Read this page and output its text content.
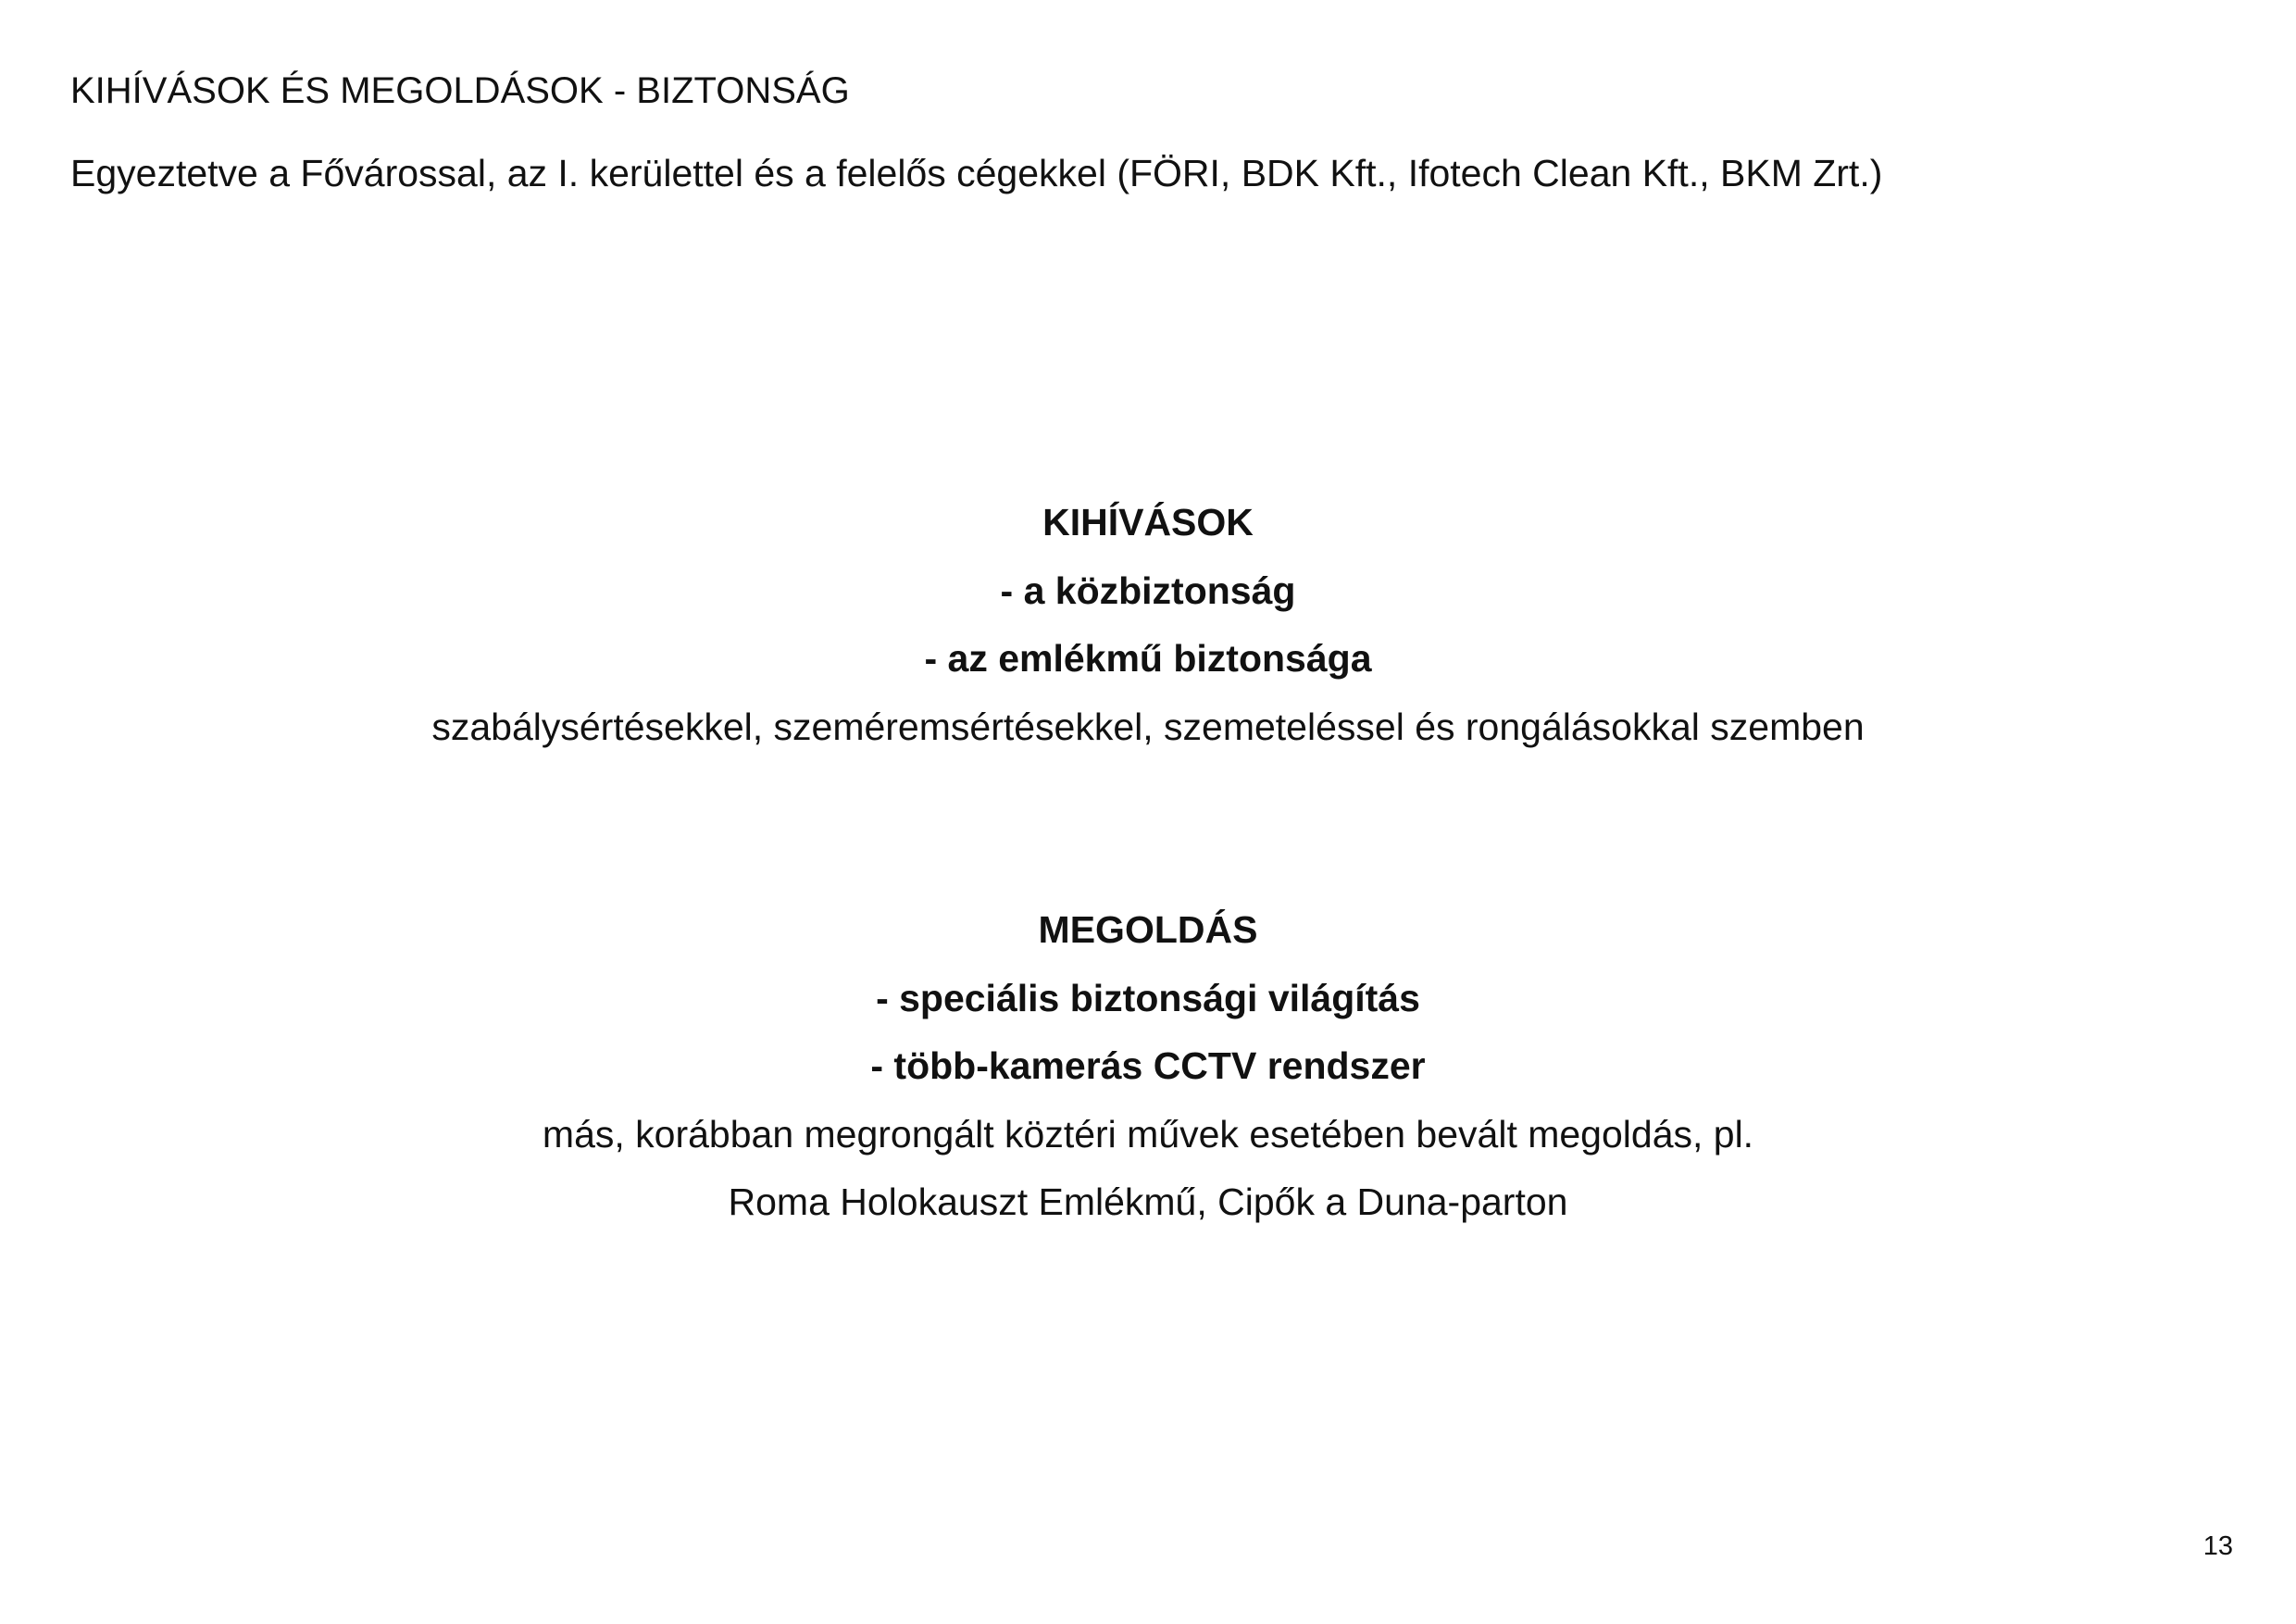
KIHÍVÁSOK ÉS MEGOLDÁSOK - BIZTONSÁG
Egyeztetve a Fővárossal, az I. kerülettel és a felelős cégekkel (FÖRI, BDK Kft., Ifotech Clean Kft., BKM Zrt.)
KIHÍVÁSOK
- a közbiztonság
- az emlékmű biztonsága
szabálysértésekkel, szeméremsértésekkel, szemeteléssel és rongálásokkal szemben
MEGOLDÁS
- speciális biztonsági világítás
- több-kamerás CCTV rendszer
más, korábban megrongált köztéri művek esetében bevált megoldás, pl.
Roma Holokauszt Emlékmű, Cipők a Duna-parton
13
